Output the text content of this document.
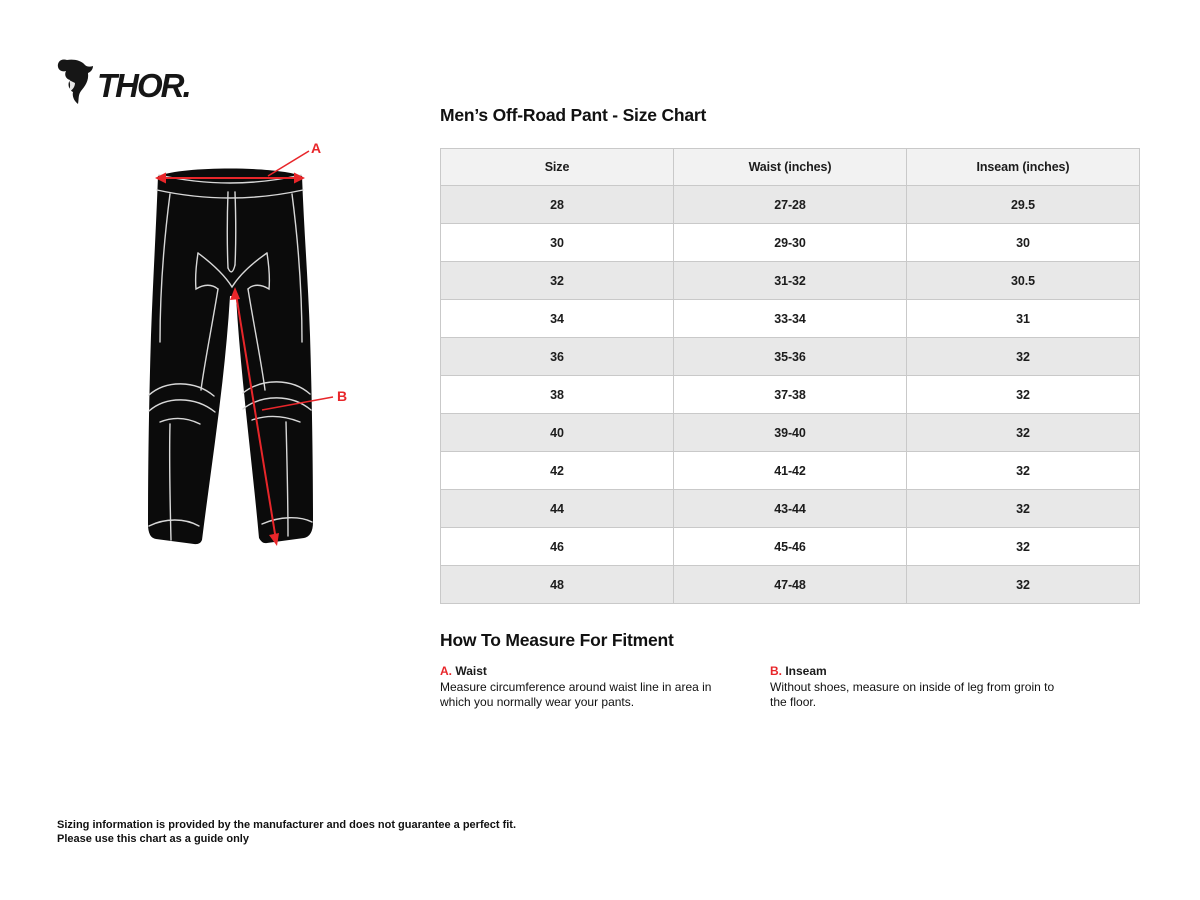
THOR.
A
B
Men’s Off-Road Pant - Size Chart
Size	Waist (inches)	Inseam (inches)
28	27-28	29.5
30	29-30	30
32	31-32	30.5
34	33-34	31
36	35-36	32
38	37-38	32
40	39-40	32
42	41-42	32
44	43-44	32
46	45-46	32
48	47-48	32
How To Measure For Fitment
A. Waist

Measure circumference around waist line in area in which you normally wear your pants.

B. Inseam

Without shoes, measure on inside of leg from groin to the floor.

Sizing information is provided by the manufacturer and does not guarantee a perfect fit.
Please use this chart as a guide only
